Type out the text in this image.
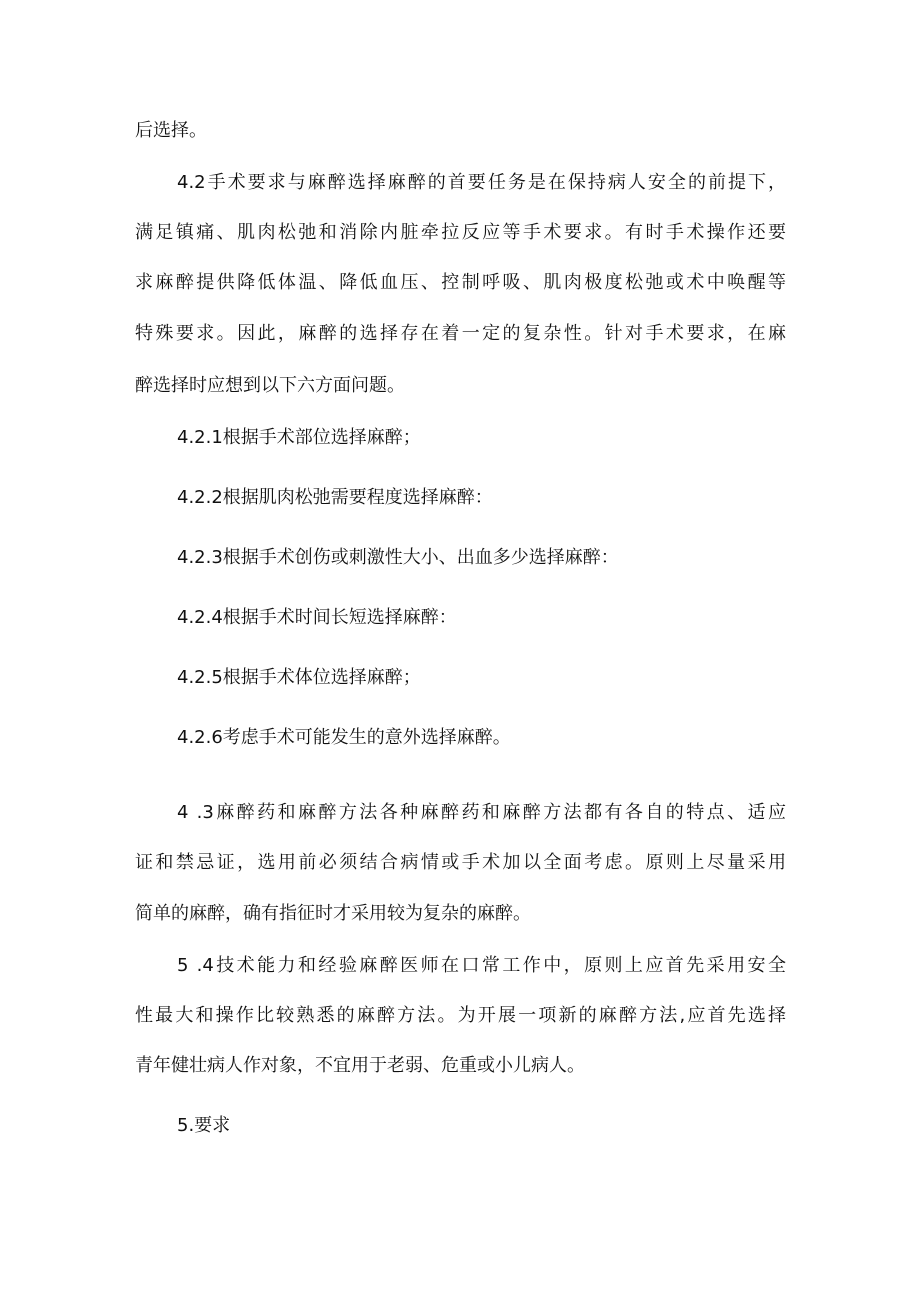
后选择。
4.2手术要求与麻醉选择麻醉的首要任务是在保持病人安全的前提下，
满足镇痛、肌肉松弛和消除内脏牵拉反应等手术要求。有时手术操作还要
求麻醉提供降低体温、降低血压、控制呼吸、肌肉极度松弛或术中唤醒等
特殊要求。因此，麻醉的选择存在着一定的复杂性。针对手术要求，在麻
醉选择时应想到以下六方面问题。
4.2.1根据手术部位选择麻醉；
4.2.2根据肌肉松弛需要程度选择麻醉：
4.2.3根据手术创伤或刺激性大小、出血多少选择麻醉：
4.2.4根据手术时间长短选择麻醉：
4.2.5根据手术体位选择麻醉；
4.2.6考虑手术可能发生的意外选择麻醉。
4 .3麻醉药和麻醉方法各种麻醉药和麻醉方法都有各自的特点、适应
证和禁忌证，选用前必须结合病情或手术加以全面考虑。原则上尽量采用
简单的麻醉，确有指征时才采用较为复杂的麻醉。
5 .4技术能力和经验麻醉医师在口常工作中，原则上应首先采用安全
性最大和操作比较熟悉的麻醉方法。为开展一项新的麻醉方法,应首先选择
青年健壮病人作对象，不宜用于老弱、危重或小儿病人。
5.要求
